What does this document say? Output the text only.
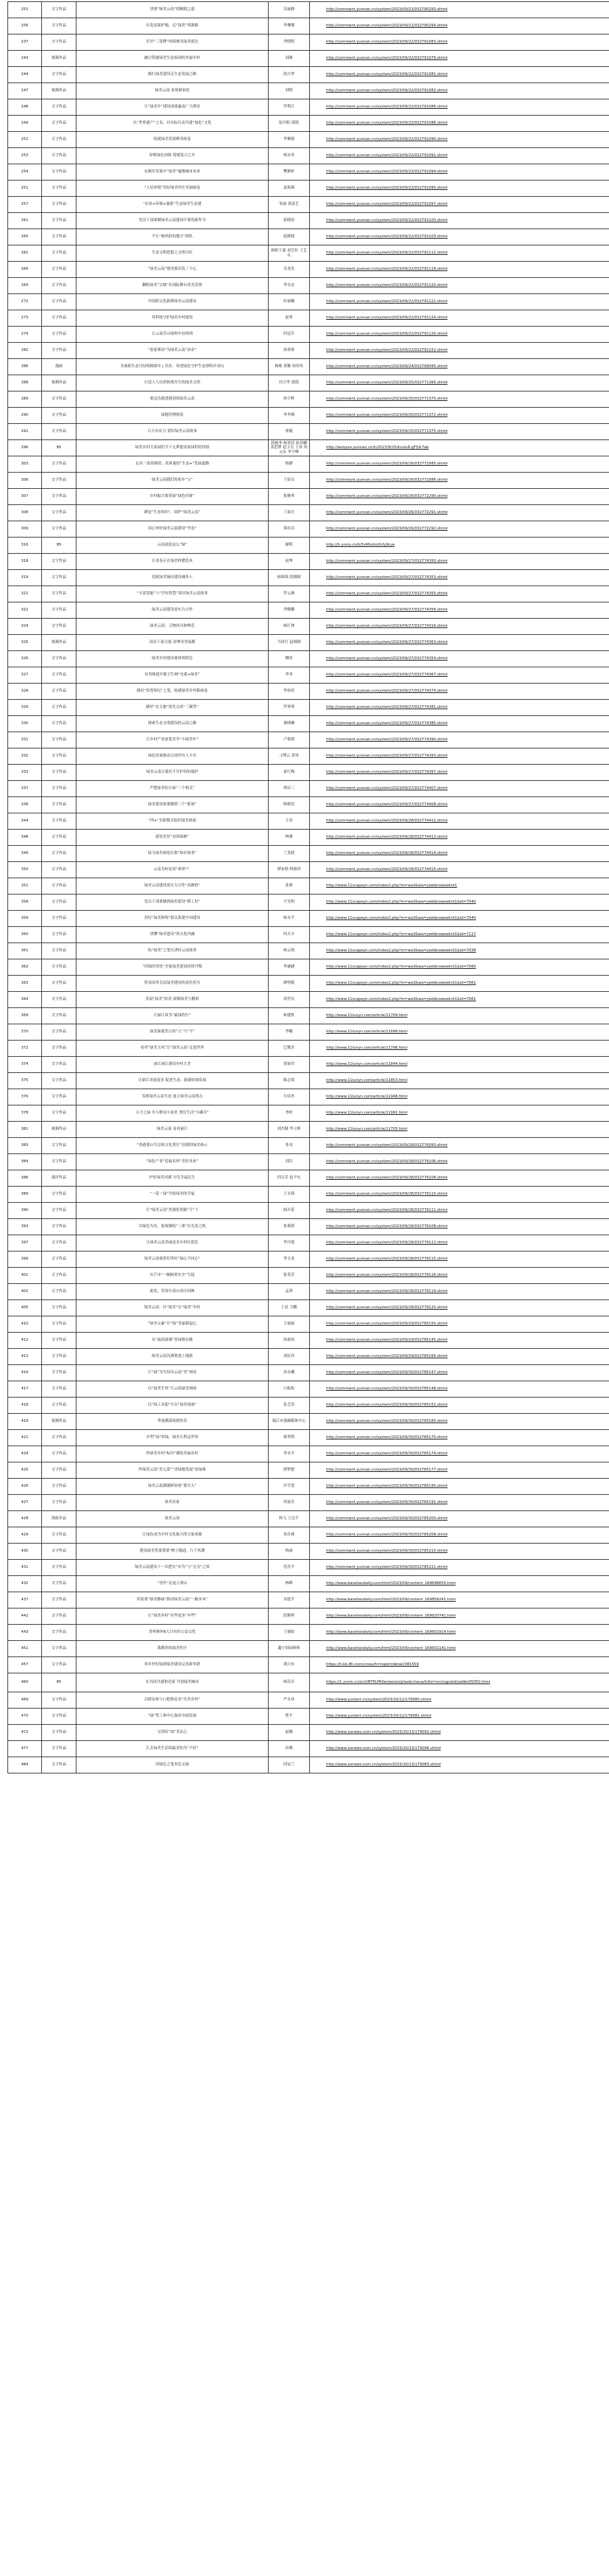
251	文字作品	讲透“绿美云南”的精致之道	吴丽静	http://comment.yunnan.cn/system/2023/09/21/032790293.shtml
256	文字作品	打造是保护地，走“绿美”资源路	李珊珊	http://comment.yunnan.cn/system/2023/09/21/032790294.shtml
237	文字作品	打好“三张牌”持续擦亮绿美底色	李晓明	http://comment.yunnan.cn/system/2023/09/22/032791083.shtml
243	视频作品	融合铸就绿美生态家园的美丽乡村	刘臻	http://comment.yunnan.cn/system/2023/09/22/032791079.shtml
244	文字作品	践行绿美建设走生态发展之路	段兴华	http://comment.yunnan.cn/system/2023/09/22/032791081.shtml
247	视频作品	绿美云南 看周新家庭	刘明	http://comment.yunnan.cn/system/2023/09/22/032791082.shtml
248	文字作品	让“绿美乡”建设成果惠及广大群众	罗利江	http://comment.yunnan.cn/system/2023/09/22/032791086.shtml
249	文字作品	以“世界遗产”之名，以实际行动共建“绿色”文化	陆丹阳 郭凯	http://comment.yunnan.cn/system/2023/09/22/032791088.shtml
252	文字作品	绘就绿美发展聚青画卷	李湘潼	http://comment.yunnan.cn/system/2023/09/22/032791090.shtml
253	文字作品	厚植绿色屏障 铸就复兴之乡	杨宋英	http://comment.yunnan.cn/system/2023/09/22/032791091.shtml
254	文字作品	在颠乡发展中“绿美”遍地城市未来	樊静娇	http://comment.yunnan.cn/system/2023/09/22/032791094.shtml
251	文字作品	“人居环境”设好绿美村庄美丽画卷	袁海燕	http://comment.yunnan.cn/system/2023/09/22/032791095.shtml
257	文字作品	“农业+环境+旅游”生态绿美生态建	邹丽 刘富艺	http://comment.yunnan.cn/system/2023/09/22/032791097.shtml
261	文字作品	党员干部要做绿美云南建设中要的新作为	张晓春	http://comment.yunnan.cn/system/2023/09/22/032791100.shtml
265	文字作品	不让“被风险的地方”掉队	赵圆圆	http://comment.yunnan.cn/system/2023/09/22/032791103.shtml
281	文字作品	生态文明思想之文明兴旺	欧阳宁嘉 刘艺柱 王艺贞	http://comment.yunnan.cn/system/2023/09/22/032791112.shtml
266	文字作品	“绿美云南”建设要肩负三个心	吴龙发	http://comment.yunnan.cn/system/2023/09/22/032791119.shtml
269	文字作品	翻绘绿美“宗城”在国际舞台发光发热	李永忠	http://comment.yunnan.cn/system/2023/09/22/032791120.shtml
272	文字作品	中国的文化新颜绿美云南建设	杜丽娜	http://comment.yunnan.cn/system/2023/09/22/032791121.shtml
273	文字作品	用科技守护绿美乡村建设	赵勇	http://comment.yunnan.cn/system/2023/09/22/032791124.shtml
274	文字作品	让云南草山绿坝中奋得到	何冠军	http://comment.yunnan.cn/system/2023/09/22/032791126.shtml
282	文字作品	“张家寨治”为绿美云南“添金”	孙蓉蓉	http://comment.yunnan.cn/system/2023/09/22/032791152.shtml
286	漫画	全面阻生态日持续擦探乡 | 乐乐：奔进绿色守护生态禀特乡青山	杨喀 黄馨 周用风	http://comment.yunnan.cn/system/2023/09/24/032799095.shtml
288	视频作品	打造人与自然和谐共生的绿美文明	付兴华 郭凯	http://comment.yunnan.cn/system/2023/09/25/032771366.shtml
289	文字作品	要迈出新进新迎的绿美云南	孙宇晖	http://comment.yunnan.cn/system/2023/09/25/032771370.shtml
290	文字作品	绿地管理财富	李冬梅	http://comment.yunnan.cn/system/2023/09/25/032771372.shtml
291	文字作品	百万市农力 谱好绿美云南故事	唐婕	http://comment.yunnan.cn/system/2023/09/25/032771375.shtml
296	85	绿美乡村大家园们当下无梦建设家园的好经验	段映李 杨荣浩 孙晋麟 余思梦 赵玉宏 王冰 何元东 李宇峰	http://wxnpsn.yunnan.cn/h/2023/9/25/kvolu6-gF5/k7ab
303	文字作品	走出一条高颜值、高质量的“生态+”发展道路	杨静	http://comment.yunnan.cn/system/2023/09/26/032772085.shtml
306	文字作品	绿美云南我们的家乡“宝”	王佰员	http://comment.yunnan.cn/system/2023/09/26/032772086.shtml
307	文字作品	乡村振兴要着绿“绿色印象”	张雅琴	http://comment.yunnan.cn/system/2023/09/26/032772290.shtml
308	文字作品	耕是“生态知识”，固护“绿美云南”	丁丽月	http://comment.yunnan.cn/system/2023/09/26/032772291.shtml
309	文字作品	用心坚好绿美云南建设“考卷”	郑有昌	http://comment.yunnan.cn/system/2023/09/26/032772292.shtml
316	85	云南雨是这么“绿”	谢明	http://h.ynnis.cn/h/5xMzoInVIcfy9rue
318	文字作品	让青春正在绿美样摆范本	赵坤	http://comment.yunnan.cn/system/2023/09/27/032774350.shtml
319	文字作品	党政绿美城市建设城外人	杨锦锦 段圆圆	http://comment.yunnan.cn/system/2023/09/27/032774353.shtml
321	文字作品	“丰富智能”与“学轻智慧”谈好绿美云南故事	罗云燕	http://comment.yunnan.cn/system/2023/09/27/032774355.shtml
322	文字作品	绿美云南建设需实力合作	李娜娜	http://comment.yunnan.cn/system/2023/09/27/032774358.shtml
324	文字作品	绿美云南：万物同共和典范	杨红林	http://comment.yunnan.cn/system/2023/09/27/032774316.shtml
325	视频作品	清洁干部力量 清理身美绿都	马伟红 赵圆圆	http://comment.yunnan.cn/system/2023/09/27/032774363.shtml
326	文字作品	绿美乡村建设要体现特色	魏伟	http://comment.yunnan.cn/system/2023/09/27/032774354.shtml
327	文字作品	有用推进乡镇卫生网“充建+绿美”	李非	http://comment.yunnan.cn/system/2023/09/27/032774367.shtml
328	文字作品	践好“监督执纪”之笔，绘就绿美乡村新画卷	李治昂	http://comment.yunnan.cn/system/2023/09/27/032774374.shtml
329	文字作品	做好“农文旅”需先完成“三做答”	罗琴琴	http://comment.yunnan.cn/system/2023/09/27/032774381.shtml
330	文字作品	探索生态文明建设的云南之路	董晓琳	http://comment.yunnan.cn/system/2023/09/27/032774385.shtml
331	文字作品	让乡村产业更优美争“丰油美年”	卢朋朋	http://comment.yunnan.cn/system/2023/09/27/032774390.shtml
332	文字作品	绿色发展推动公园里有人卡在	刁博云 黄伟	http://comment.yunnan.cn/system/2023/09/27/032774393.shtml
333	文字作品	绿美云南让我们不开护持的保护	霍红梅	http://comment.yunnan.cn/system/2023/09/27/032774397.shtml
337	文字作品	严把绿美的方面“三个相关”	胡昌三	http://comment.yunnan.cn/system/2023/09/27/032774407.shtml
338	文字作品	绿美建设要要做到三个“新加”	杨娟语	http://comment.yunnan.cn/system/2023/09/27/032774408.shtml
344	文字作品	“四+”全新模式绘好绿美画面	王凤	http://comment.yunnan.cn/system/2023/09/28/032774412.shtml
348	文字作品	建设美景“众国绿树”	林燕	http://comment.yunnan.cn/system/2023/09/28/032774413.shtml
349	文字作品	接力绿美画卷在那“绿水绿业”	兰龙德	http://comment.yunnan.cn/system/2023/09/28/032774414.shtml
350	文字作品	云南为何是成“谁领”？	廖家德 阿德西	http://comment.yunnan.cn/system/2023/09/28/032774415.shtml
351	文字作品	绿美云南建设需实力合作“高颜值”	张德	http://www.11scapeyn.com/index2.php?m=wa3&wa=ywkbnoweeknt1
358	文字作品	党员干部要做到绿美建设“模工好”	宇光明	http://www.11scapeyn.com/index2.php?m=wa3&wa=ywkbnoweeknt1&id=7040
359	文字作品	用好“绿美修炼”新关系建中国建设	杨永平	http://www.11scapeyn.com/index2.php?m=wa3&wa=ywkbnoweeknt1&id=7040
360	文字作品	讲懂“绿美建设”的文化内涵	何天辛	http://www.11scapeyn.com/index2.php?m=wa3&wa=ywkbnoweeknt1&id=7117
361	文字作品	执“绿美”之笔实讲好云南故事	杨云莉	http://www.11scapeyn.com/index2.php?m=wa3&wa=ywkbnoweeknt1&id=7038
362	文字作品	“四绿四美化”全促绿美建设持续升级	李涵涵	http://www.11scapeyn.com/index2.php?m=wa3&wa=ywkbnoweeknt1&id=7060
363	文字作品	彰显国务会议绿美建设的责任担当	廖明敏	http://www.11scapeyn.com/index2.php?m=wa3&wa=ywkbnoweeknt1&id=7061
364	文字作品	发展“绿美”经济 深刻绿美与精彩	黄世存	http://www.11scapeyn.com/index2.php?m=wa3&wa=ywkbnoweeknt1&id=7061
369	文字作品	让丽江成为“最绿的行”	和建班	http://www.11lunyn.com/article/11709.html
370	文字作品	绿美保就美江的“五”与“不”	李曦	http://www.11lunyn.com/article/11698.html
372	文字作品	看者“绿美玉风”让“绿美云南”走进世界	巴俊杰	http://www.11lunyn.com/article/11796.html
374	文字作品	丽江丽江建设乡村大美	黄丽君	http://www.11lunyn.com/article/11844.html
375	文字作品	让丽江美丽更多 促进生态、旅游协调发展	陈志梁	http://www.11lunyn.com/article/11853.html
376	文字作品	发挥绿美云南生态 更立绿美云南重点	左绍杰	http://www.11lunyn.com/article/11948.html
378	文字作品	万寸之绿 共与群众丰富美 秀住生活“小确幸”	李婷	http://www.11lunyn.com/article/11991.html
381	视频作品	绿美云南 看看丽江	刘杰敬 李立辉	http://www.11lunyn.com/article/11705.html
383	文字作品	“香港要山当宗和文化重任”崇德的绿美指示	张戎	http://comment.yunnan.cn/system/2023/09/28/032776093.shtml
384	文字作品	“绿色产业”造福农村“美好未来”	刘岩	http://comment.yunnan.cn/system/2023/09/28/032776106.shtml
386	漫评作品	护好绿美河湖 守住幸福民生	四宗芳 赵宇东	http://comment.yunnan.cn/system/2023/09/28/032776108.shtml
389	文字作品	“一花一绿”共绘绿美的幸福	王永锦	http://comment.yunnan.cn/system/2023/09/28/032776110.shtml
390	文字作品	让“绿美云南”美强化资源“互”下	曲开花	http://comment.yunnan.cn/system/2023/09/28/032776111.shtml
393	文字作品	以绿色为名，系统描绘“三张”在光景之机	张萌萌	http://comment.yunnan.cn/system/2023/09/28/032776108.shtml
397	文字作品	让绿美云南美丽更多乡村打底色	李丹莲	http://comment.yunnan.cn/system/2023/09/28/032776112.shtml
399	文字作品	绿美云南需讲好讲好“绿心不同心”	李文龙	http://comment.yunnan.cn/system/2023/09/28/032776115.shtml
401	文字作品	从芒市“一幅树果实实”写起	张英芳	http://comment.yunnan.cn/system/2023/09/28/032776116.shtml
402	文字作品	此处，管领丰富山景区园林	孟茜	http://comment.yunnan.cn/system/2023/09/28/032776119.shtml
405	文字作品	绿美云南：以“绿美”在“绿美”乡村	王显 卫鹏	http://comment.yunnan.cn/system/2023/09/28/032776120.shtml
410	文字作品	“绿美元素”让“绿”美丽新起心	王丽丽	http://comment.yunnan.cn/system/2023/09/29/032785150.shtml
412	文字作品	从“最高绿墙”看绿地在路	孙丽凤	http://comment.yunnan.cn/system/2023/09/29/032785145.shtml
413	文字作品	绿美云南河湖要进上地源	刘民伟	http://comment.yunnan.cn/system/2023/09/29/032785166.shtml
416	文字作品	让“绿”为写给出云南“美”画卷	高永曦	http://comment.yunnan.cn/system/2023/09/30/032785147.shtml
417	文字作品	以“绿美生风”让云南绿美画面	白振和	http://comment.yunnan.cn/system/2023/09/30/032785148.shtml
418	文字作品	以“绿工具助”开启“绿美画面”	张芝涛	http://comment.yunnan.cn/system/2023/09/30/032785152.shtml
419	视频作品	华池满部绿我快乐	瑞江市委融媒体中心	http://comment.yunnan.cn/system/2023/09/30/032785160.shtml
421	文字作品	乡型“绿”带绿，绿美丘程这世界	韩秀利	http://comment.yunnan.cn/system/2023/09/30/032785170.shtml
424	文字作品	作绿美乡村“标识”描绘美丽农村	李永平	http://comment.yunnan.cn/system/2023/09/30/032785174.shtml
425	文字作品	作绿美云南“美元蒙”“香绿地发展”看绿维	熊梦想	http://comment.yunnan.cn/system/2023/09/30/032785177.shtml
426	文字作品	绿美云南满满研协要“那介入”	许雪莲	http://comment.yunnan.cn/system/2023/09/30/032785195.shtml
427	文字作品	绿美农家	苏丽芳	http://comment.yunnan.cn/system/2023/09/30/032785191.shtml
428	海报作品	绿美云南	韩飞 王达平	http://comment.yunnan.cn/system/2023/09/30/032785200.shtml
429	文字作品	让绿色成为乡村文化振兴的力量来源	朱佳燕	http://comment.yunnan.cn/system/2023/09/30/032785208.shtml
430	文字作品	建设绿美奖要重要“纳子跑道，行于风潮	杨丽	http://comment.yunnan.cn/system/2023/09/30/032785210.shtml
431	文字作品	绿美云南建设十一次把实“有为”与“无为”之间	范青平	http://comment.yunnan.cn/system/2023/09/30/032785211.shtml
432	文字作品	“青作”足迹万重山	林峰	http://www.baoshandaily.com/html/2023/09/content_169698655.html
437	文字作品	用着重“绿美路础”推动绿美云南“一路多木”	宋超平	http://www.baoshandaily.com/html/2023/09/content_169859241.html
442	文字作品	让“绿美乡村”有些更多“乡些”	段鹤鸣	http://www.baoshandaily.com/html/2023/09/content_169920741.html
443	文字作品	香州林坏6大凸有好公益文化	王瑜如	http://www.baoshandaily.com/html/2023/09/content_169602914.html
451	文字作品	我都你的绿美村庄	鑫宁园园研修	http://www.baoshandaily.com/html/2023/09/content_169602141.html
457	文字作品	用乡村好绿创绿美建设完善新举措	龚兴东	https://h.kb.8h.com/cross/h=report/detail/381559
460	85	在共同共建和近家 共创绿美城市	杨乐卓	https://1.ynnis.cn/s/xXBTPLMtOe/weixin/ptasbr/neva/Infol=sn/nsgsdrd/zzdbn05050.html
469	文字作品	以群众参与口把群众美“共美乡村”	严永业	http://www.yuslant.cn/system/2023/10/12/179080.shtml
470	文字作品	“绿”奖工和中心保持全面发展	曹平	http://www.yuslant.cn/system/2023/10/12/179081.shtml
472	文字作品	完值给“绿”美民心	赵佩	http://www.xxnews.com.cn/system/2023/10/13/179092.shtml
477	文字作品	汇去绿美生活的最美的为“不好“	孙俊	http://www.xxnews.com.cn/system/2023/10/13/179096.shtml
484	文字作品	用绿色之笔本色文画	同冠兰	http://www.xxnews.com.cn/system/2023/10/13/179083.shtml
